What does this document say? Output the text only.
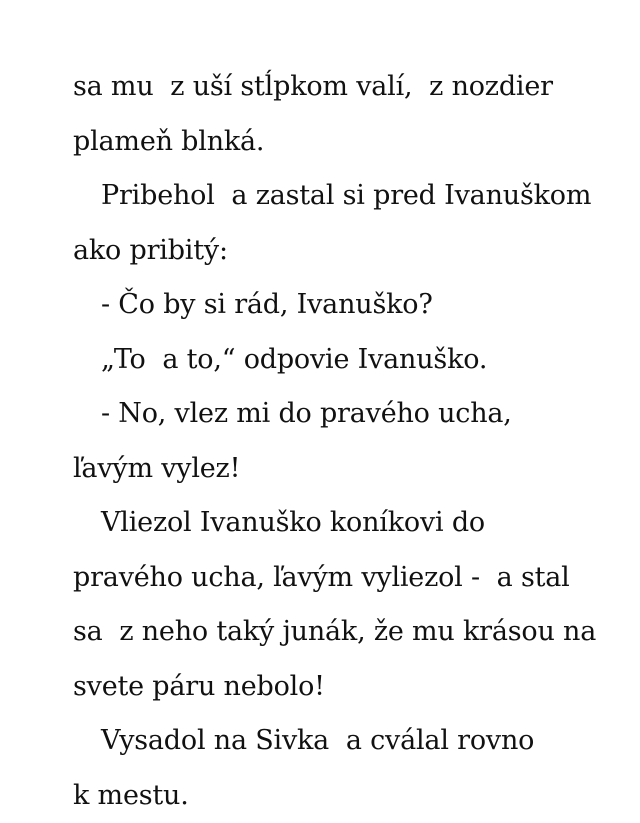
sa mu  z uší stĺpkom valí,  z nozdier
plameň blnká.
Pribehol  a zastal si pred Ivanuškom
ako pribitý:
- Čo by si rád, Ivanuško?
„To  a to,“ odpovie Ivanuško.
- No, vlez mi do pravého ucha,
ľavým vylez!
Vliezol Ivanuško koníkovi do
pravého ucha, ľavým vyliezol -  a stal
sa  z neho taký junák, že mu krásou na
svete páru nebolo!
Vysadol na Sivka  a cválal rovno
k mestu.
